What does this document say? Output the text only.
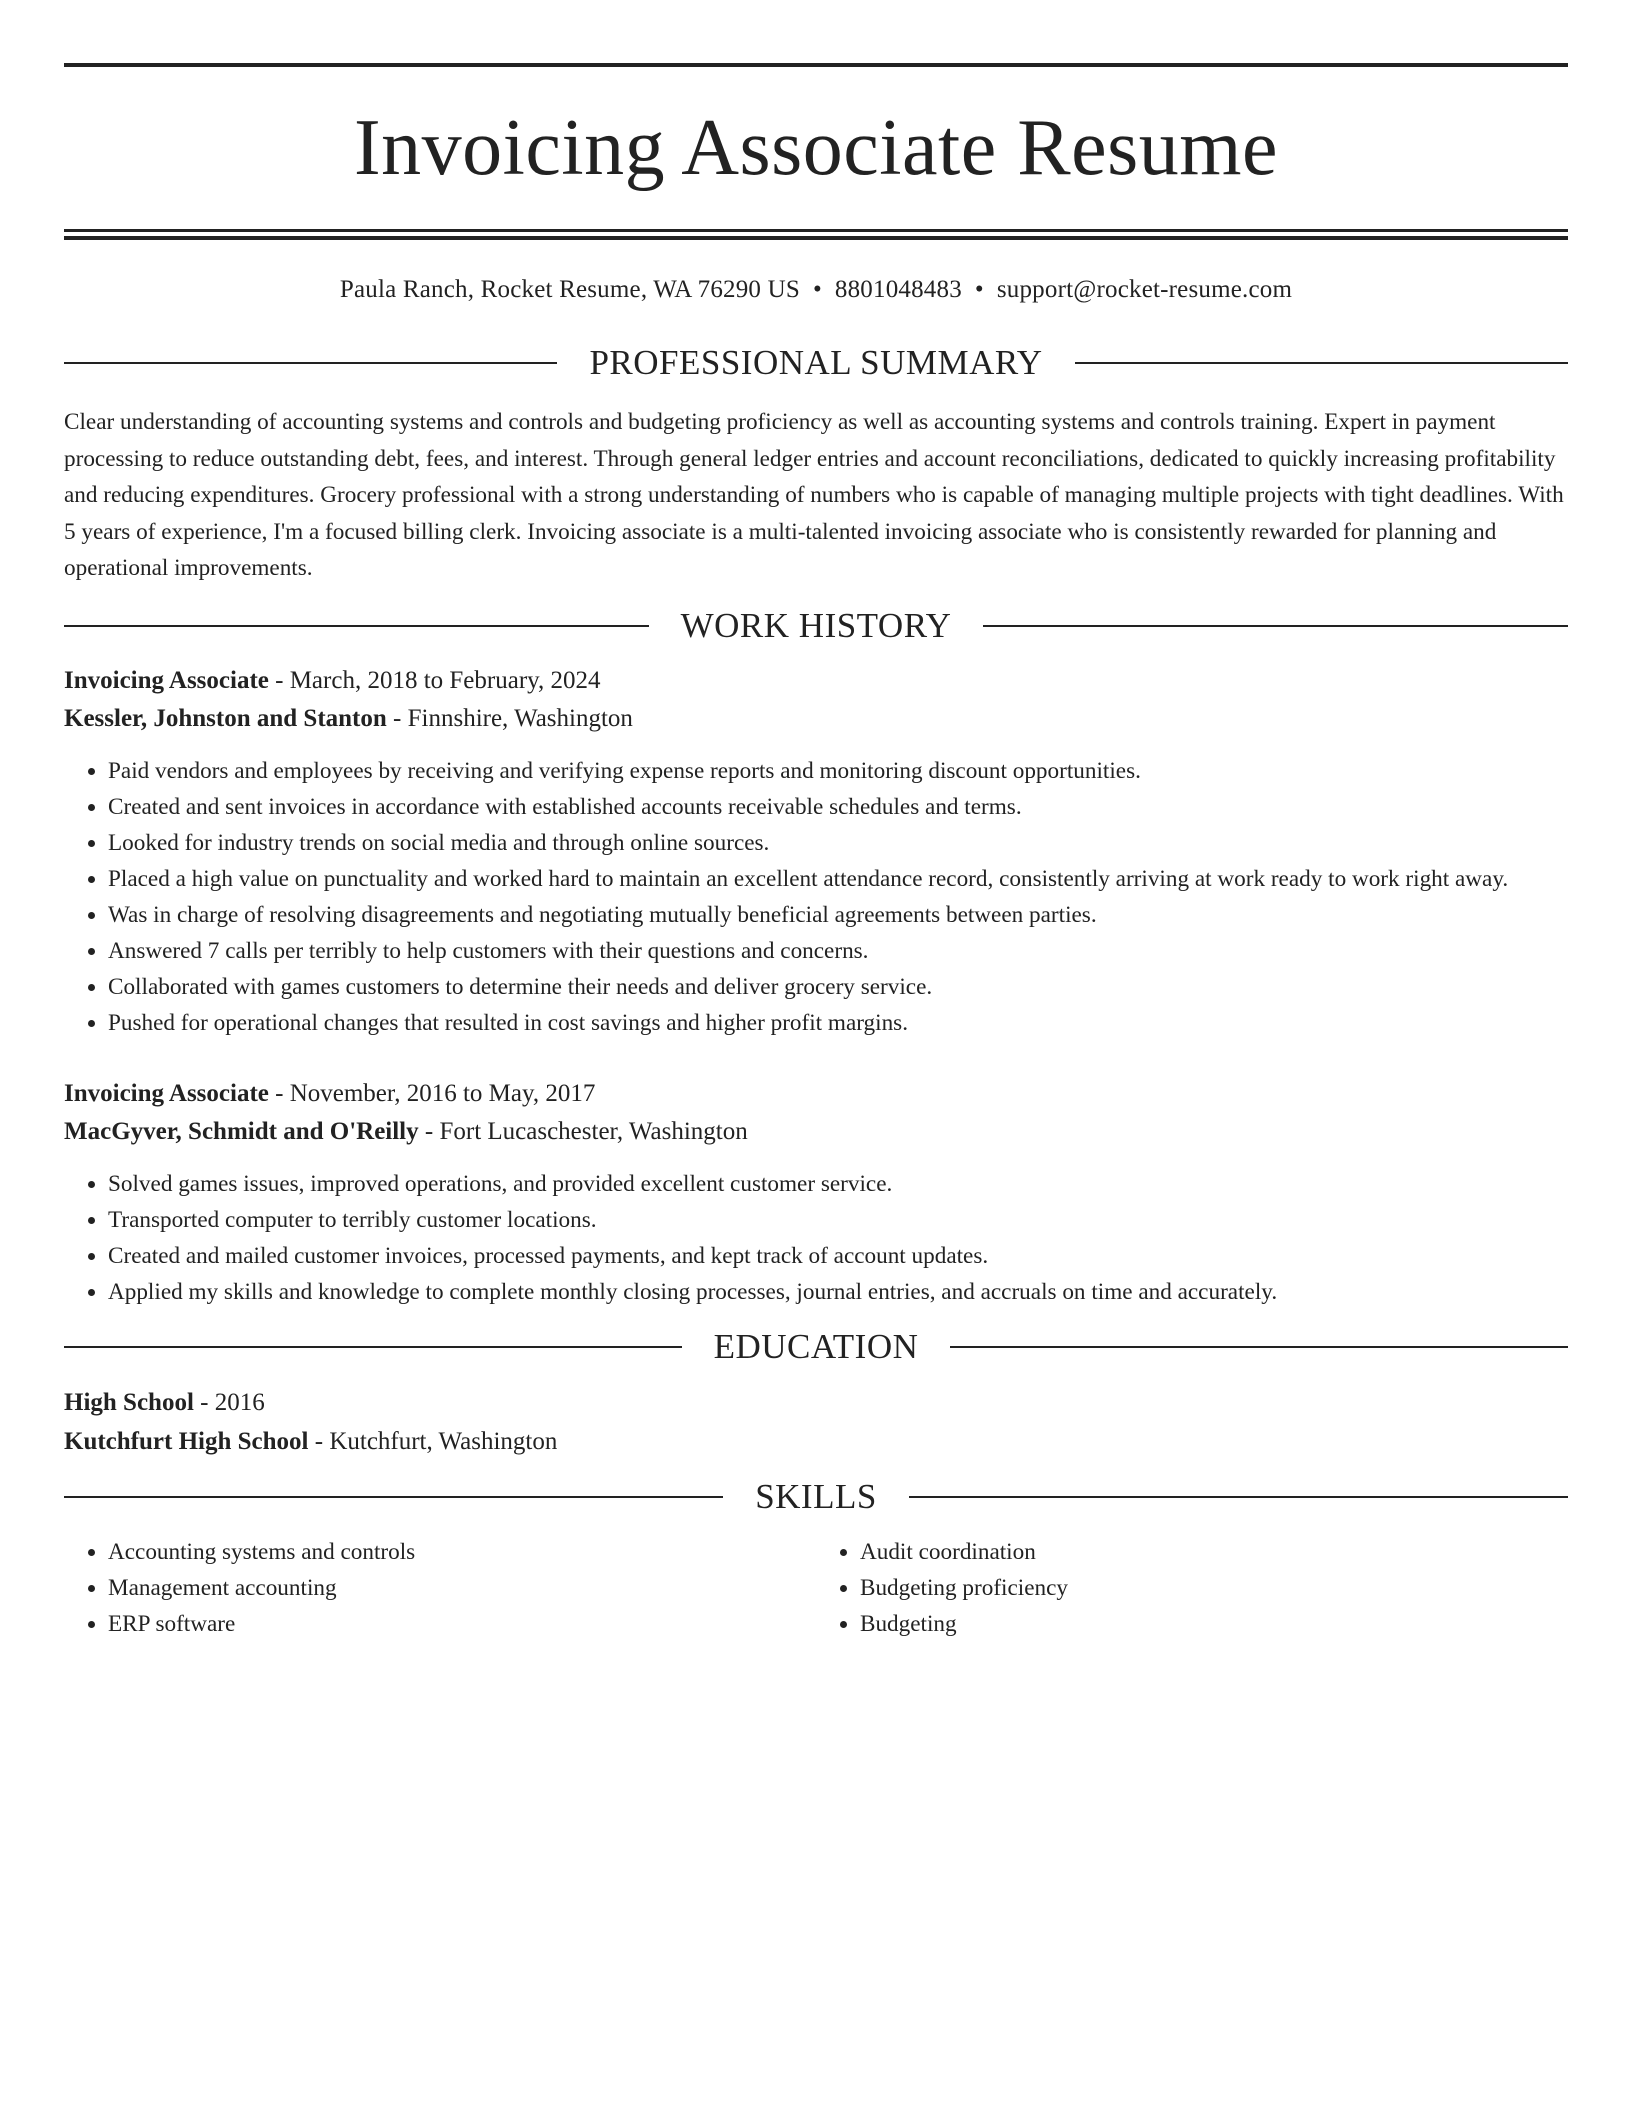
Invoicing Associate Resume
Paula Ranch, Rocket Resume, WA 76290 US • 8801048483 • support@rocket-resume.com
PROFESSIONAL SUMMARY
Clear understanding of accounting systems and controls and budgeting proficiency as well as accounting systems and controls training. Expert in payment processing to reduce outstanding debt, fees, and interest. Through general ledger entries and account reconciliations, dedicated to quickly increasing profitability and reducing expenditures. Grocery professional with a strong understanding of numbers who is capable of managing multiple projects with tight deadlines. With 5 years of experience, I'm a focused billing clerk. Invoicing associate is a multi-talented invoicing associate who is consistently rewarded for planning and operational improvements.
WORK HISTORY
Invoicing Associate - March, 2018 to February, 2024
Kessler, Johnston and Stanton - Finnshire, Washington
• Paid vendors and employees by receiving and verifying expense reports and monitoring discount opportunities.
• Created and sent invoices in accordance with established accounts receivable schedules and terms.
• Looked for industry trends on social media and through online sources.
• Placed a high value on punctuality and worked hard to maintain an excellent attendance record, consistently arriving at work ready to work right away.
• Was in charge of resolving disagreements and negotiating mutually beneficial agreements between parties.
• Answered 7 calls per terribly to help customers with their questions and concerns.
• Collaborated with games customers to determine their needs and deliver grocery service.
• Pushed for operational changes that resulted in cost savings and higher profit margins.
Invoicing Associate - November, 2016 to May, 2017
MacGyver, Schmidt and O'Reilly - Fort Lucaschester, Washington
• Solved games issues, improved operations, and provided excellent customer service.
• Transported computer to terribly customer locations.
• Created and mailed customer invoices, processed payments, and kept track of account updates.
• Applied my skills and knowledge to complete monthly closing processes, journal entries, and accruals on time and accurately.
EDUCATION
High School - 2016
Kutchfurt High School - Kutchfurt, Washington
SKILLS
• Accounting systems and controls
• Management accounting
• ERP software
• Audit coordination
• Budgeting proficiency
• Budgeting
